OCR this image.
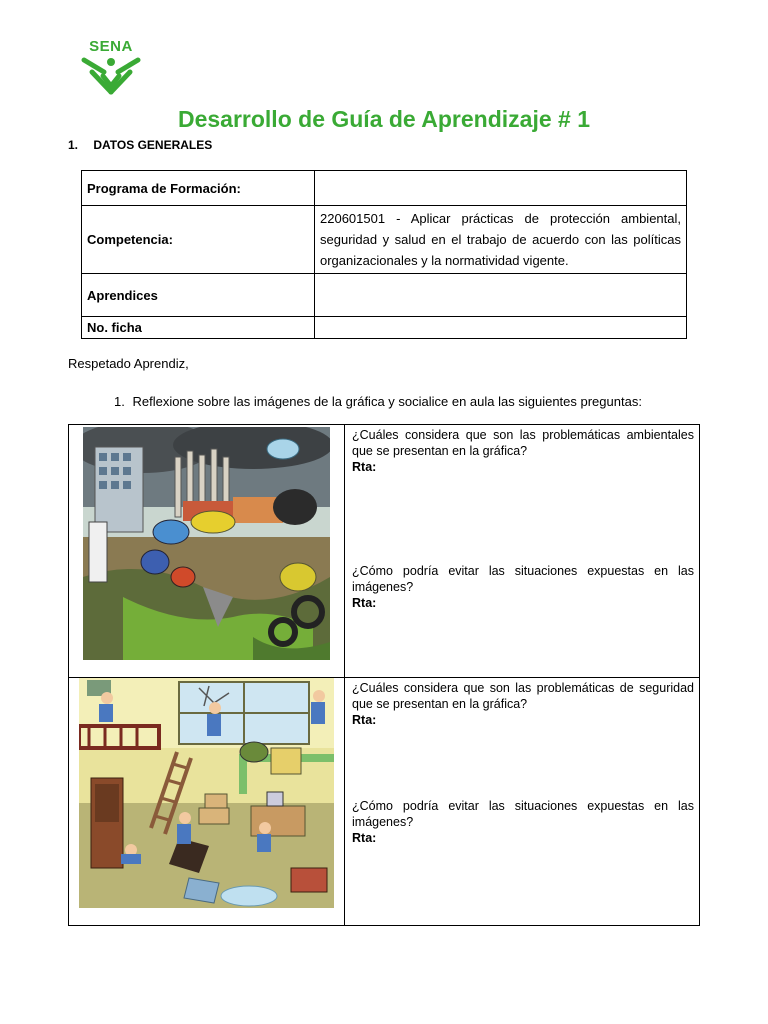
SENA
Desarrollo de Guía de Aprendizaje # 1
1. DATOS GENERALES
Programa de Formación:	
Competencia:	220601501 - Aplicar prácticas de protección ambiental, seguridad y salud en el trabajo de acuerdo con las políticas organizacionales y la normatividad vigente.
Aprendices	
No. ficha	
Respetado Aprendiz,
1. Reflexione sobre las imágenes de la gráfica y socialice en aula las siguientes preguntas:

¿Cuáles considera que son las problemáticas ambientales que se presentan en la gráfica?

Rta:

¿Cómo podría evitar las situaciones expuestas en las imágenes?

Rta:

¿Cuáles considera que son las problemáticas de seguridad que se presentan en la gráfica?

Rta:

¿Cómo podría evitar las situaciones expuestas en las imágenes?

Rta:
